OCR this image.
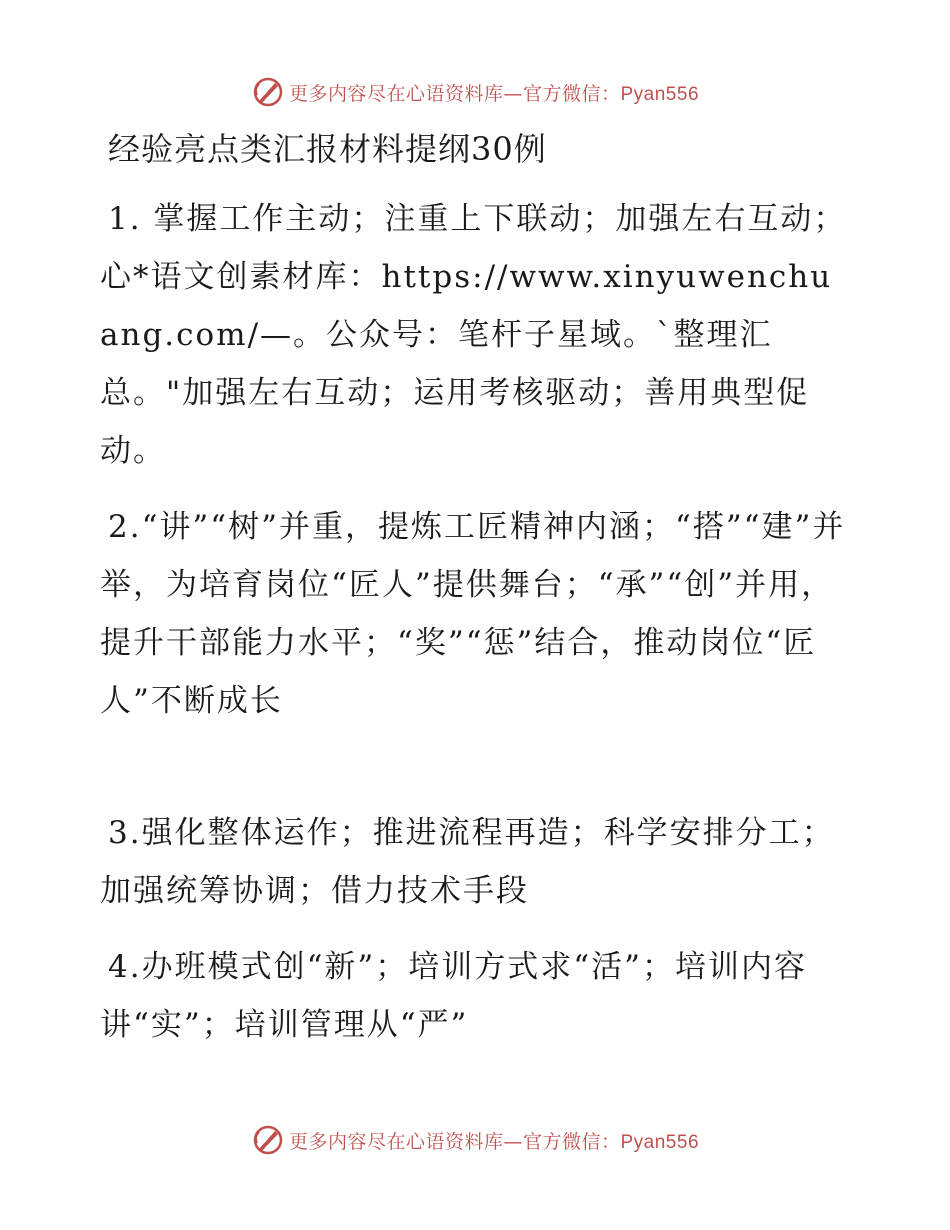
更多内容尽在心语资料库—官方微信：Pyan556
经验亮点类汇报材料提纲30例
1. 掌握工作主动；注重上下联动；加强左右互动；心*语文创素材库：https://www.xinyuwenchuang.com/—。公众号：笔杆子星域。`整理汇总。"加强左右互动；运用考核驱动；善用典型促动。
2.“讲”“树”并重，提炼工匠精神内涵；“搭”“建”并举，为培育岗位“匠人”提供舞台；“承”“创”并用，提升干部能力水平；“奖”“惩”结合，推动岗位“匠人”不断成长
3.强化整体运作；推进流程再造；科学安排分工；加强统筹协调；借力技术手段
4.办班模式创“新”；培训方式求“活”；培训内容讲“实”；培训管理从“严”
更多内容尽在心语资料库—官方微信：Pyan556
